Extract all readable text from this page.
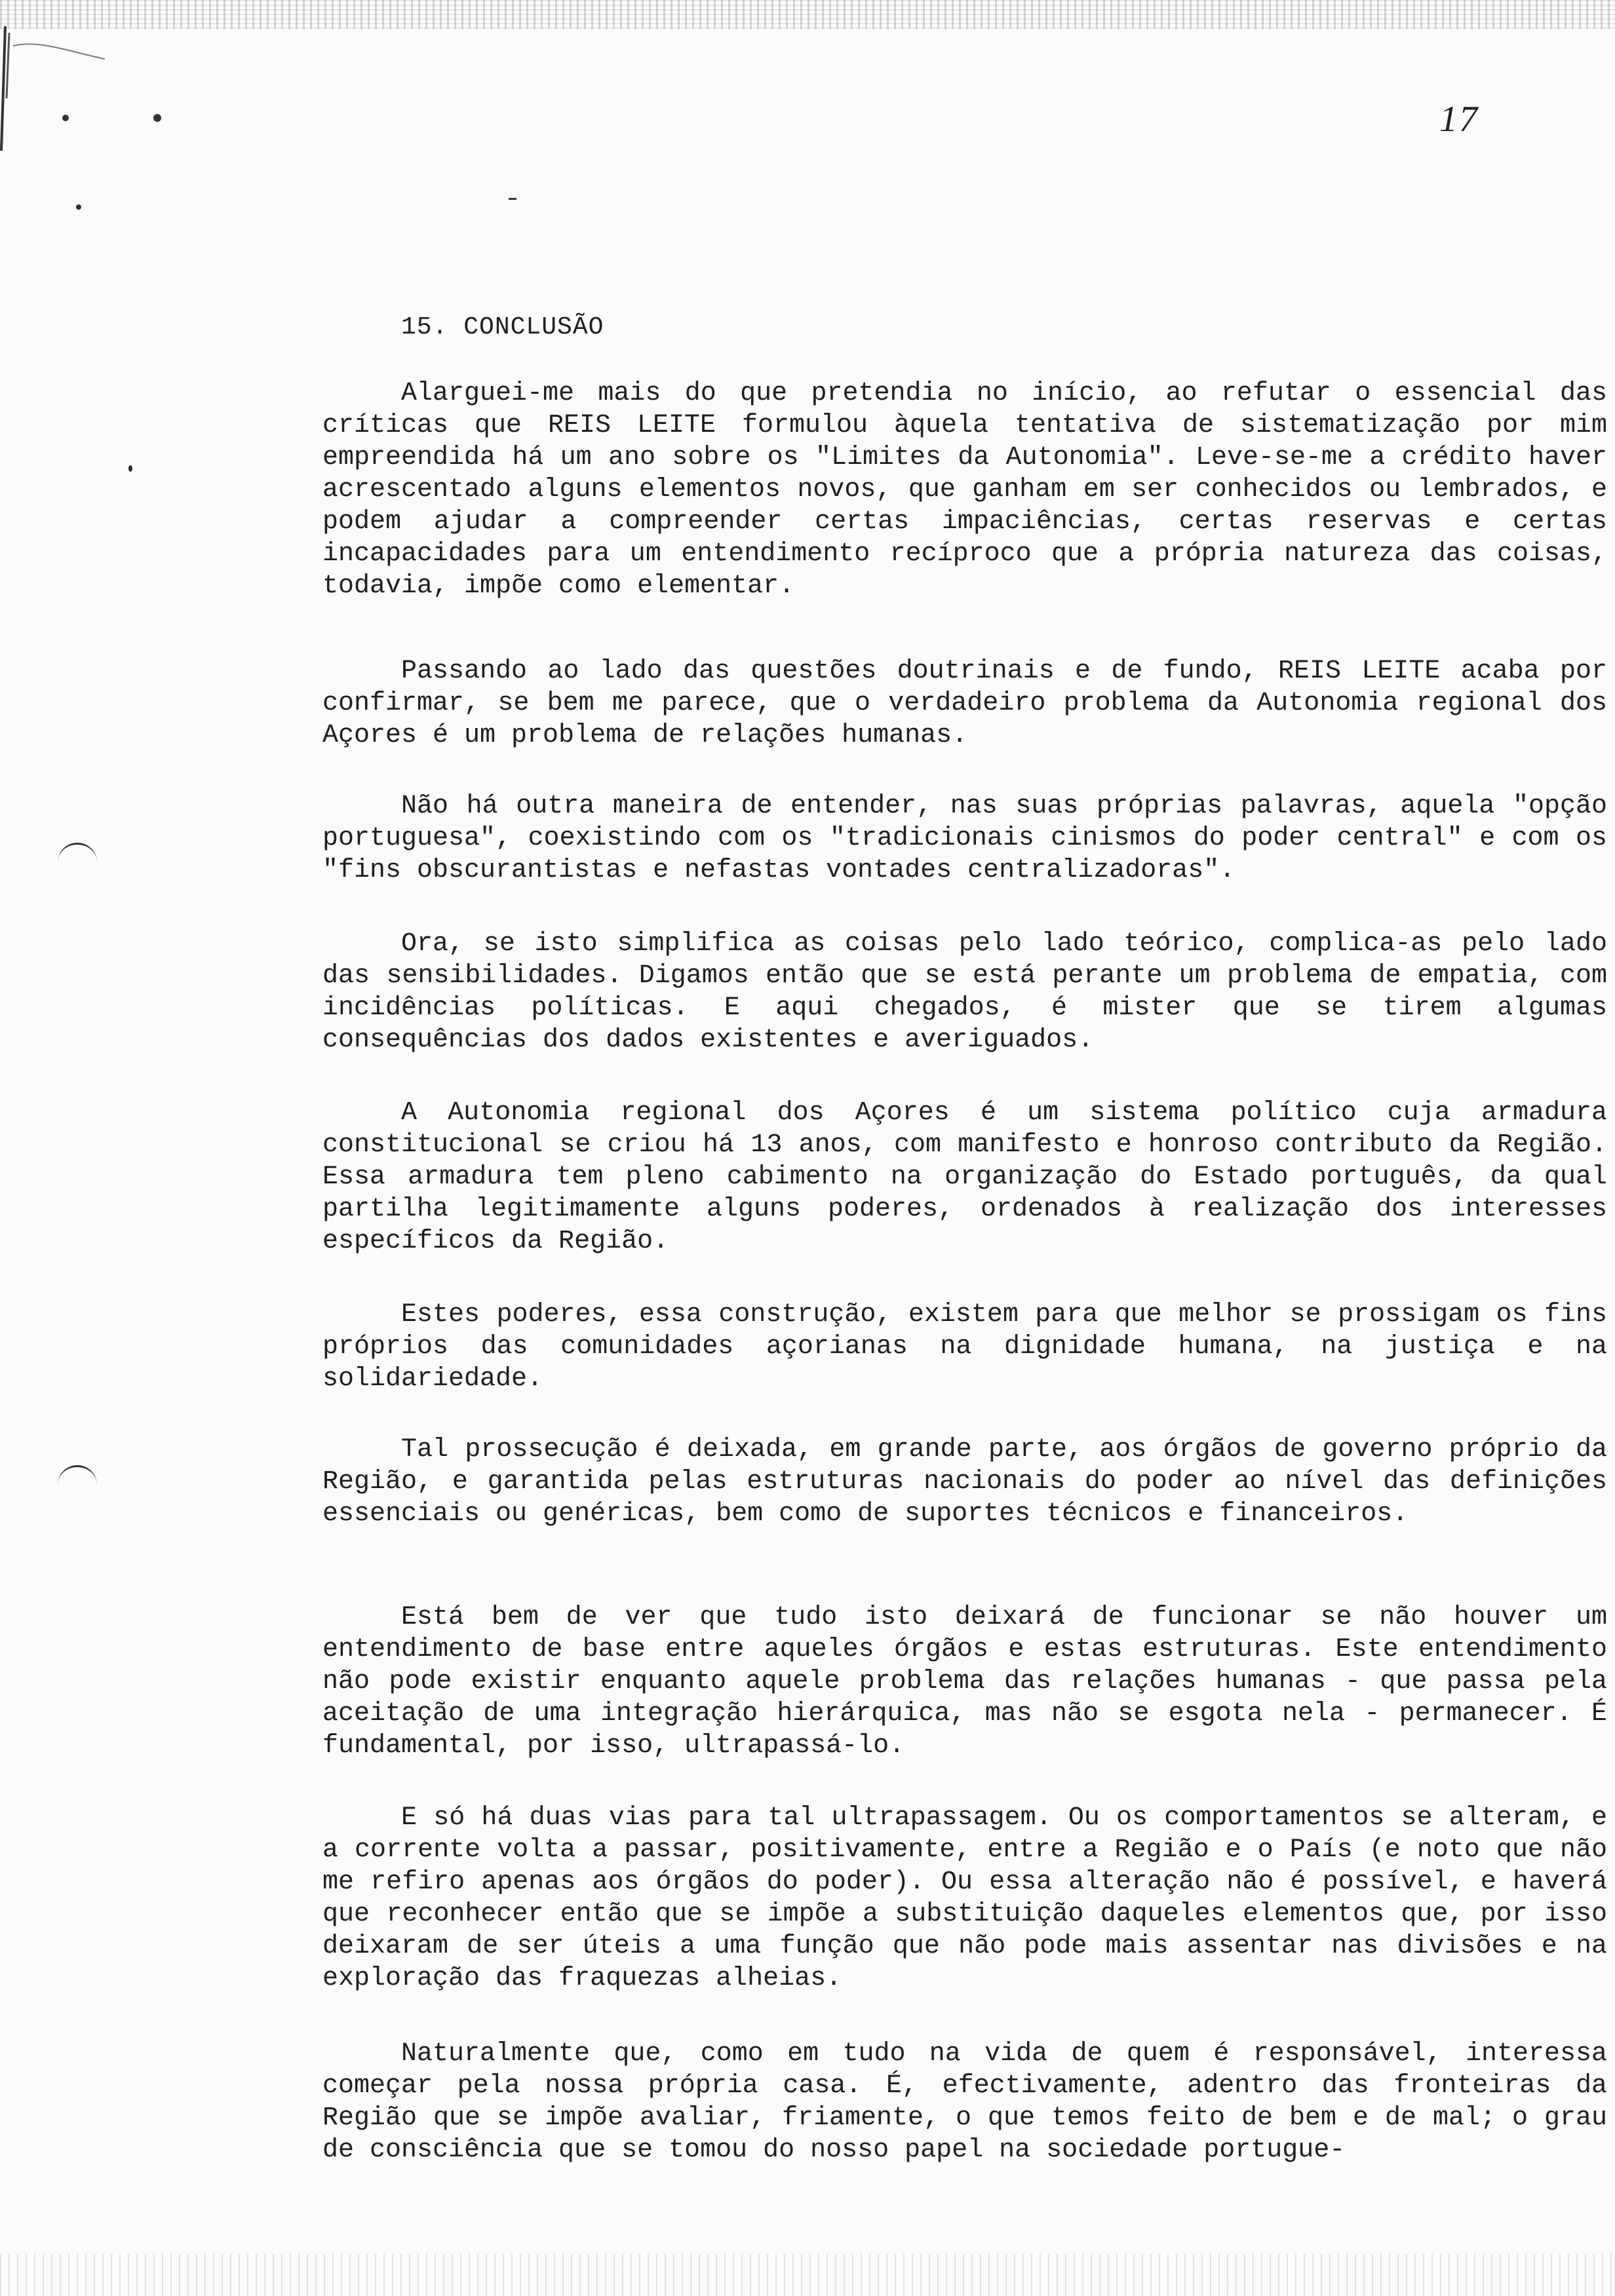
17
15. CONCLUSÃO

Alarguei-me mais do que pretendia no início, ao refutar o essencial das críticas que REIS LEITE formulou àquela tentativa de sistematização por mim empreendida há um ano sobre os "Limites da Autonomia". Leve-se-me a crédito haver acrescentado alguns elementos novos, que ganham em ser conhecidos ou lembrados, e podem ajudar a compreender certas impaciências, certas reservas e certas incapacidades para um entendimento recíproco que a própria natureza das coisas, todavia, impõe como elementar.

Passando ao lado das questões doutrinais e de fundo, REIS LEITE acaba por confirmar, se bem me parece, que o verdadeiro problema da Autonomia regional dos Açores é um problema de relações humanas.

Não há outra maneira de entender, nas suas próprias palavras, aquela "opção portuguesa", coexistindo com os "tradicionais cinismos do poder central" e com os "fins obscurantistas e nefastas vontades centralizadoras".

Ora, se isto simplifica as coisas pelo lado teórico, complica-as pelo lado das sensibilidades. Digamos então que se está perante um problema de empatia, com incidências políticas. E aqui chegados, é mister que se tirem algumas consequências dos dados existentes e averiguados.

A Autonomia regional dos Açores é um sistema político cuja armadura constitucional se criou há 13 anos, com manifesto e honroso contributo da Região. Essa armadura tem pleno cabimento na organização do Estado português, da qual partilha legitimamente alguns poderes, ordenados à realização dos interesses específicos da Região.

Estes poderes, essa construção, existem para que melhor se prossigam os fins próprios das comunidades açorianas na dignidade humana, na justiça e na solidariedade.

Tal prossecução é deixada, em grande parte, aos órgãos de governo próprio da Região, e garantida pelas estruturas nacionais do poder ao nível das definições essenciais ou genéricas, bem como de suportes técnicos e financeiros.

Está bem de ver que tudo isto deixará de funcionar se não houver um entendimento de base entre aqueles órgãos e estas estruturas. Este entendimento não pode existir enquanto aquele problema das relações humanas - que passa pela aceitação de uma integração hierárquica, mas não se esgota nela - permanecer. É fundamental, por isso, ultrapassá-lo.

E só há duas vias para tal ultrapassagem. Ou os comportamentos se alteram, e a corrente volta a passar, positivamente, entre a Região e o País (e noto que não me refiro apenas aos órgãos do poder). Ou essa alteração não é possível, e haverá que reconhecer então que se impõe a substituição daqueles elementos que, por isso deixaram de ser úteis a uma função que não pode mais assentar nas divisões e na exploração das fraquezas alheias.

Naturalmente que, como em tudo na vida de quem é responsável, interessa começar pela nossa própria casa. É, efectivamente, adentro das fronteiras da Região que se impõe avaliar, friamente, o que temos feito de bem e de mal; o grau de consciência que se tomou do nosso papel na sociedade portugue-
